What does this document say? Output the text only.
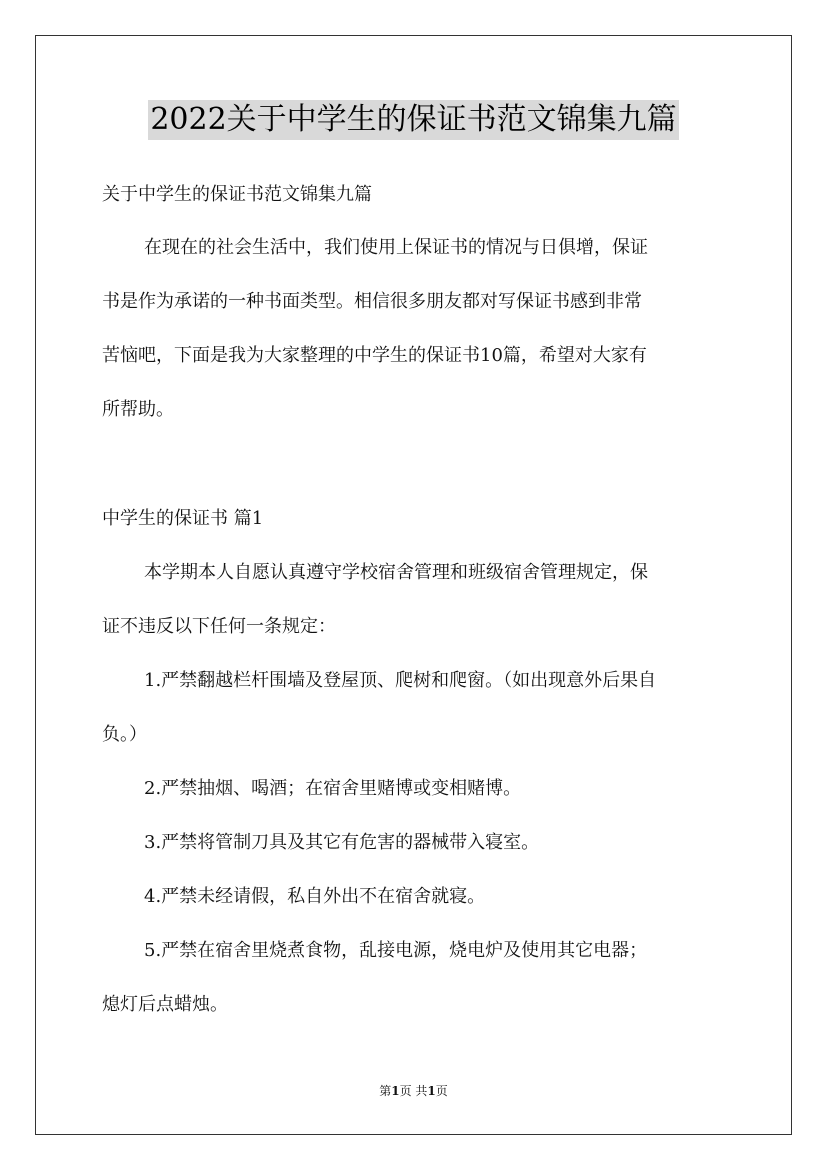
2022关于中学生的保证书范文锦集九篇
关于中学生的保证书范文锦集九篇
在现在的社会生活中，我们使用上保证书的情况与日俱增，保证
书是作为承诺的一种书面类型。相信很多朋友都对写保证书感到非常
苦恼吧，下面是我为大家整理的中学生的保证书10篇，希望对大家有
所帮助。
中学生的保证书 篇1
本学期本人自愿认真遵守学校宿舍管理和班级宿舍管理规定，保
证不违反以下任何一条规定：
1.严禁翻越栏杆围墙及登屋顶、爬树和爬窗。（如出现意外后果自
负。）
2.严禁抽烟、喝酒；在宿舍里赌博或变相赌博。
3.严禁将管制刀具及其它有危害的器械带入寝室。
4.严禁未经请假，私自外出不在宿舍就寝。
5.严禁在宿舍里烧煮食物，乱接电源，烧电炉及使用其它电器；
熄灯后点蜡烛。
第1页 共1页
